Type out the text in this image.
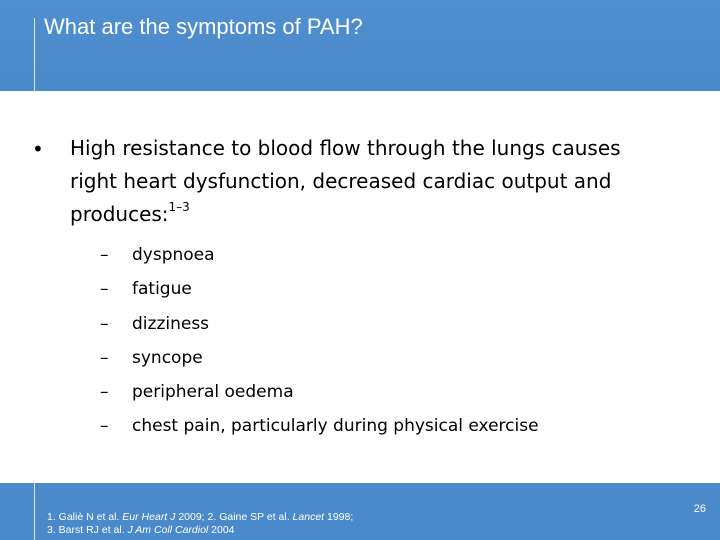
What are the symptoms of PAH?
•	High resistance to blood flow through the lungs causes right heart dysfunction, decreased cardiac output and produces:$^{1-3}$
–	dyspnoea
–	fatigue
–	dizziness
–	syncope
–	peripheral oedema
–	chest pain, particularly during physical exercise
1. Galiè N et al. Eur Heart J 2009; 2. Gaine SP et al. Lancet 1998;
3. Barst RJ et al. J Am Coll Cardiol 2004
26
